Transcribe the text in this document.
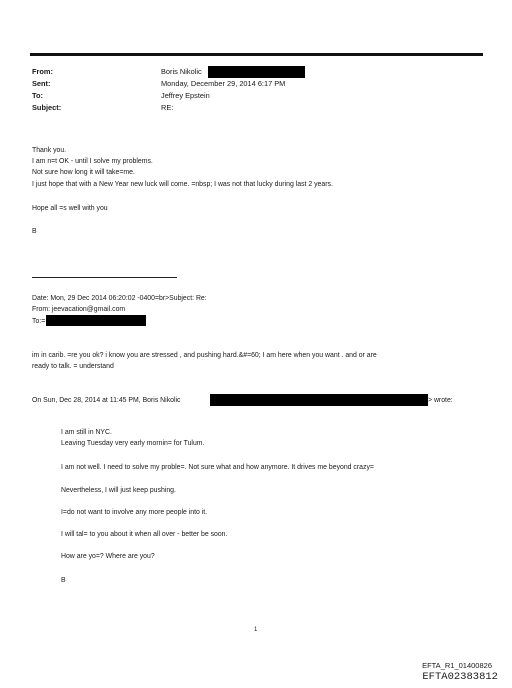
From:	Boris Nikolic
Sent:	Monday, December 29, 2014 6:17 PM
To:	Jeffrey Epstein
Subject:	RE:
Thank you.
I am n=t OK - until I solve my problems.
Not sure how long it will take=me.
I just hope that with a New Year new luck will come. =nbsp; I was not that lucky during last 2 years.
Hope all =s well with you
B
Date: Mon, 29 Dec 2014 06:20:02 -0400=br>Subject: Re:
From: jeevacation@gmail.com
To:=
im in carib. =re you ok? i know you are stressed , and pushing hard.&#=60; I am here when you want . and or are
ready to talk. = understand
On Sun, Dec 28, 2014 at 11:45 PM, Boris Nikolic	> wrote:
I am still in NYC.
Leaving Tuesday very early mornin= for Tulum.
I am not well. I need to solve my proble=. Not sure what and how anymore. It drives me beyond crazy=
Nevertheless, I will just keep pushing.
I=do not want to involve any more people into it.
I will tal= to you about it when all over - better be soon.
How are yo=? Where are you?
B
1
EFTA_R1_01400826
EFTA02383812
